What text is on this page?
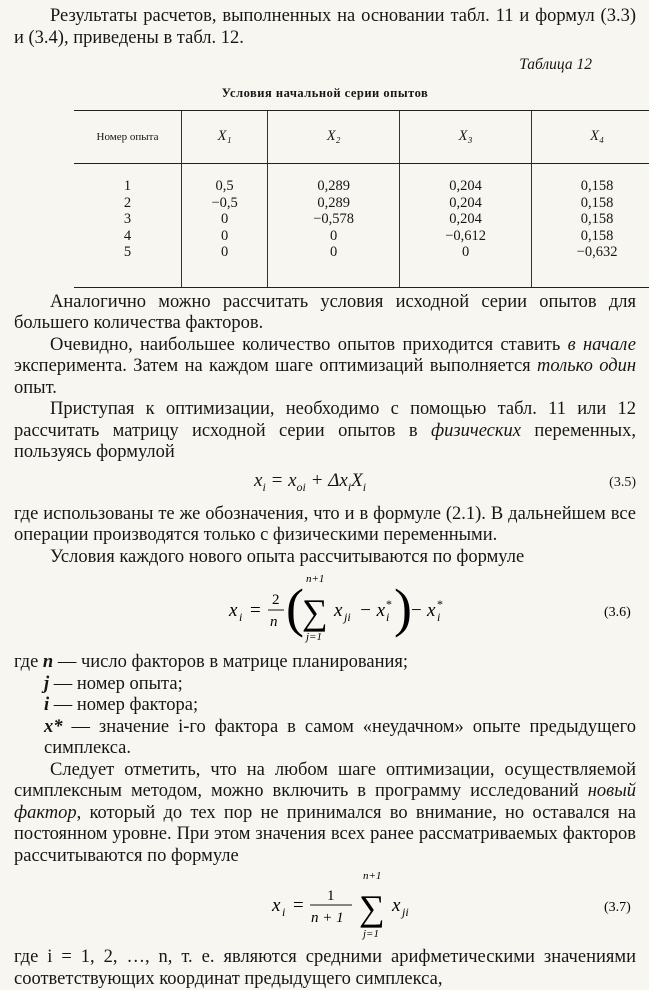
Результаты расчетов, выполненных на основании табл. 11 и формул (3.3) и (3.4), приведены в табл. 12.

Таблица 12
Условия начальной серии опытов
Номер опыта	X₁	X₂	X₃	X₄
1	0,5	0,289	0,204	0,158
2	−0,5	0,289	0,204	0,158
3	0	−0,578	0,204	0,158
4	0	0	−0,612	0,158
5	0	0	0	−0,632

Аналогично можно рассчитать условия исходной серии опытов для большего количества факторов.

Очевидно, наибольшее количество опытов приходится ставить в начале эксперимента. Затем на каждом шаге оптимизаций выполняется только один опыт.

Приступая к оптимизации, необходимо с помощью табл. 11 или 12 рассчитать матрицу исходной серии опытов в физических переменных, пользуясь формулой

$x_i = x_{oi} + \Delta x_iX_i$	(3.5)

где использованы те же обозначения, что и в формуле (2.1). В дальнейшем все операции производятся только с физическими переменными.

Условия каждого нового опыта рассчитываются по формуле

x i = 2
n ( n+1
∑
j=1
x ji − x i
* ) − x i
*
(3.6)
где n — число факторов в матрице планирования;
j — номер опыта;
i — номер фактора;
x* — значение i-го фактора в самом «неудачном» опыте предыдущего симплекса.

Следует отметить, что на любом шаге оптимизации, осуществляемой симплексным методом, можно включить в программу исследований новый фактор, который до тех пор не принимался во внимание, но оставался на постоянном уровне. При этом значения всех ранее рассматриваемых факторов рассчитываются по формуле

x i = 1
n + 1
n+1
∑
j=1
x ji	(3.7)

где i = 1, 2, …, n, т. е. являются средними арифметическими значениями соответствующих координат предыдущего симплекса,
